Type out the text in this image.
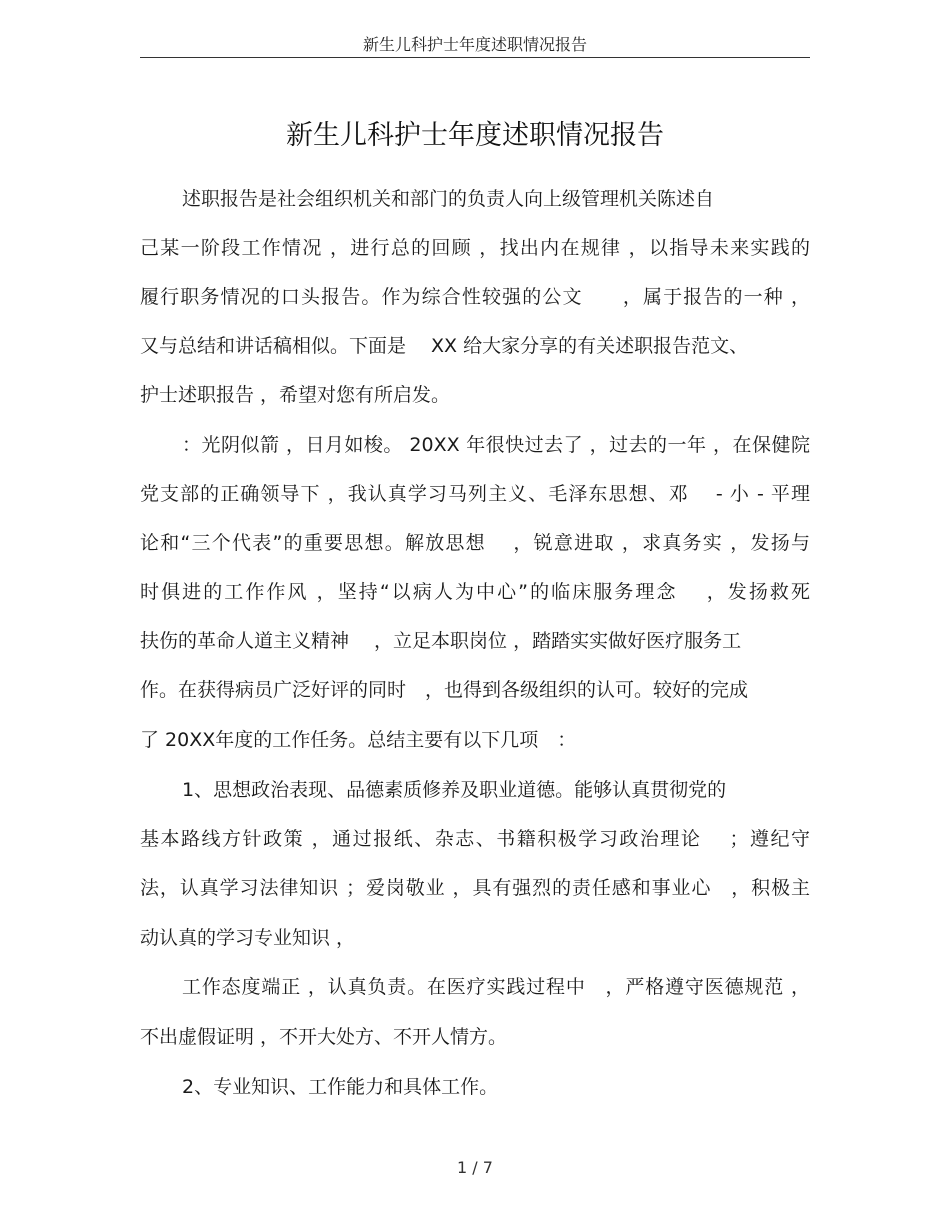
新生儿科护士年度述职情况报告
新生儿科护士年度述职情况报告
述职报告是社会组织机关和部门的负责人向上级管理机关陈述自
己某一阶段工作情况 ，进行总的回顾 ，找出内在规律 ，以指导未来实践的
履行职务情况的口头报告。作为综合性较强的公文　　，属于报告的一种 ，
又与总结和讲话稿相似。下面是　 XX 给大家分享的有关述职报告范文、
护士述职报告 ，希望对您有所启发。
：光阴似箭 ，日月如梭。 20XX 年很快过去了 ，过去的一年 ，在保健院
党支部的正确领导下 ，我认真学习马列主义、毛泽东思想、邓 　- 小 - 平理
论和“三个代表”的重要思想。解放思想　 ，锐意进取 ，求真务实 ，发扬与
时俱进的工作作风 ，坚持“以病人为中心”的临床服务理念　 ，发扬救死
扶伤的革命人道主义精神　 ，立足本职岗位 ，踏踏实实做好医疗服务工
作。在获得病员广泛好评的同时　，也得到各级组织的认可。较好的完成
了 20XX年度的工作任务。总结主要有以下几项　：
1、思想政治表现、品德素质修养及职业道德。能够认真贯彻党的
基本路线方针政策 ，通过报纸、杂志、书籍积极学习政治理论　 ；遵纪守
法，认真学习法律知识 ；爱岗敬业 ，具有强烈的责任感和事业心　，积极主
动认真的学习专业知识 ，
工作态度端正 ，认真负责。在医疗实践过程中　，严格遵守医德规范 ，
不出虚假证明 ，不开大处方、不开人情方。
2、专业知识、工作能力和具体工作。
1 / 7
